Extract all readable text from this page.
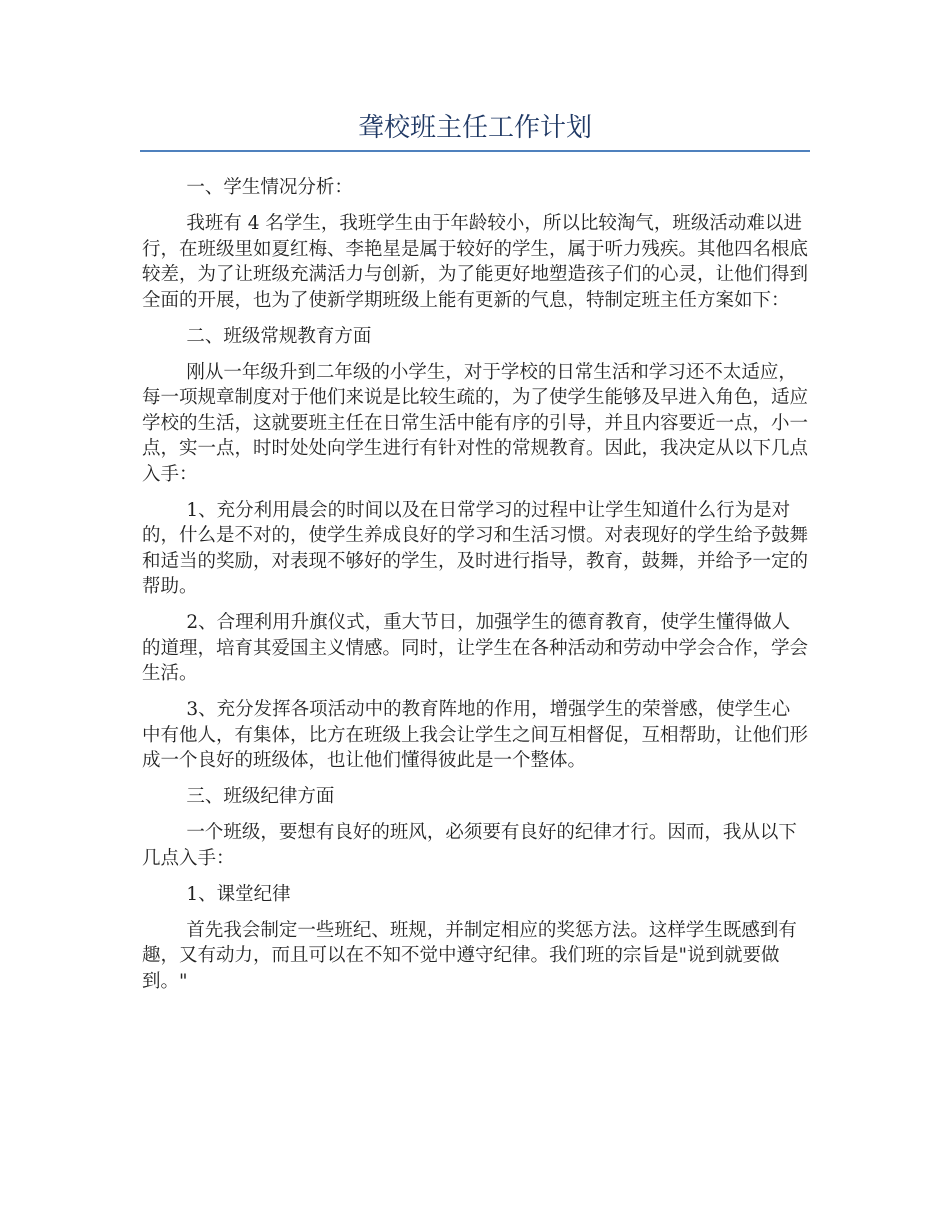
聋校班主任工作计划

一、学生情况分析：

我班有 4 名学生，我班学生由于年龄较小，所以比较淘气，班级活动难以进行，在班级里如夏红梅、李艳星是属于较好的学生，属于听力残疾。其他四名根底较差，为了让班级充满活力与创新，为了能更好地塑造孩子们的心灵，让他们得到全面的开展，也为了使新学期班级上能有更新的气息，特制定班主任方案如下：

二、班级常规教育方面

刚从一年级升到二年级的小学生，对于学校的日常生活和学习还不太适应，每一项规章制度对于他们来说是比较生疏的，为了使学生能够及早进入角色，适应学校的生活，这就要班主任在日常生活中能有序的引导，并且内容要近一点，小一点，实一点，时时处处向学生进行有针对性的常规教育。因此，我决定从以下几点入手：

1、充分利用晨会的时间以及在日常学习的过程中让学生知道什么行为是对的，什么是不对的，使学生养成良好的学习和生活习惯。对表现好的学生给予鼓舞和适当的奖励，对表现不够好的学生，及时进行指导，教育，鼓舞，并给予一定的帮助。

2、合理利用升旗仪式，重大节日，加强学生的德育教育，使学生懂得做人的道理，培育其爱国主义情感。同时，让学生在各种活动和劳动中学会合作，学会生活。

3、充分发挥各项活动中的教育阵地的作用，增强学生的荣誉感，使学生心中有他人，有集体，比方在班级上我会让学生之间互相督促，互相帮助，让他们形成一个良好的班级体，也让他们懂得彼此是一个整体。

三、班级纪律方面

一个班级，要想有良好的班风，必须要有良好的纪律才行。因而，我从以下几点入手：

1、课堂纪律

首先我会制定一些班纪、班规，并制定相应的奖惩方法。这样学生既感到有趣，又有动力，而且可以在不知不觉中遵守纪律。我们班的宗旨是"说到就要做到。"
